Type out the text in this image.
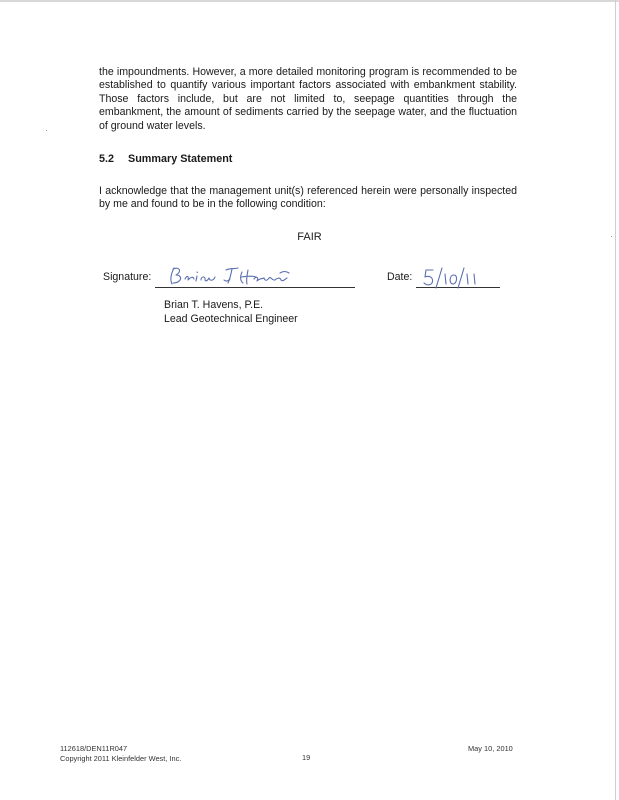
the impoundments. However, a more detailed monitoring program is recommended to be established to quantify various important factors associated with embankment stability. Those factors include, but are not limited to, seepage quantities through the embankment, the amount of sediments carried by the seepage water, and the fluctuation of ground water levels.

5.2 Summary Statement

I acknowledge that the management unit(s) referenced herein were personally inspected by me and found to be in the following condition:

FAIR
Signature:	Date:
Brian T. Havens, P.E.
Lead Geotechnical Engineer
112618/DEN11R047
Copyright 2011 Kleinfelder West, Inc.	19
May 10, 2010
